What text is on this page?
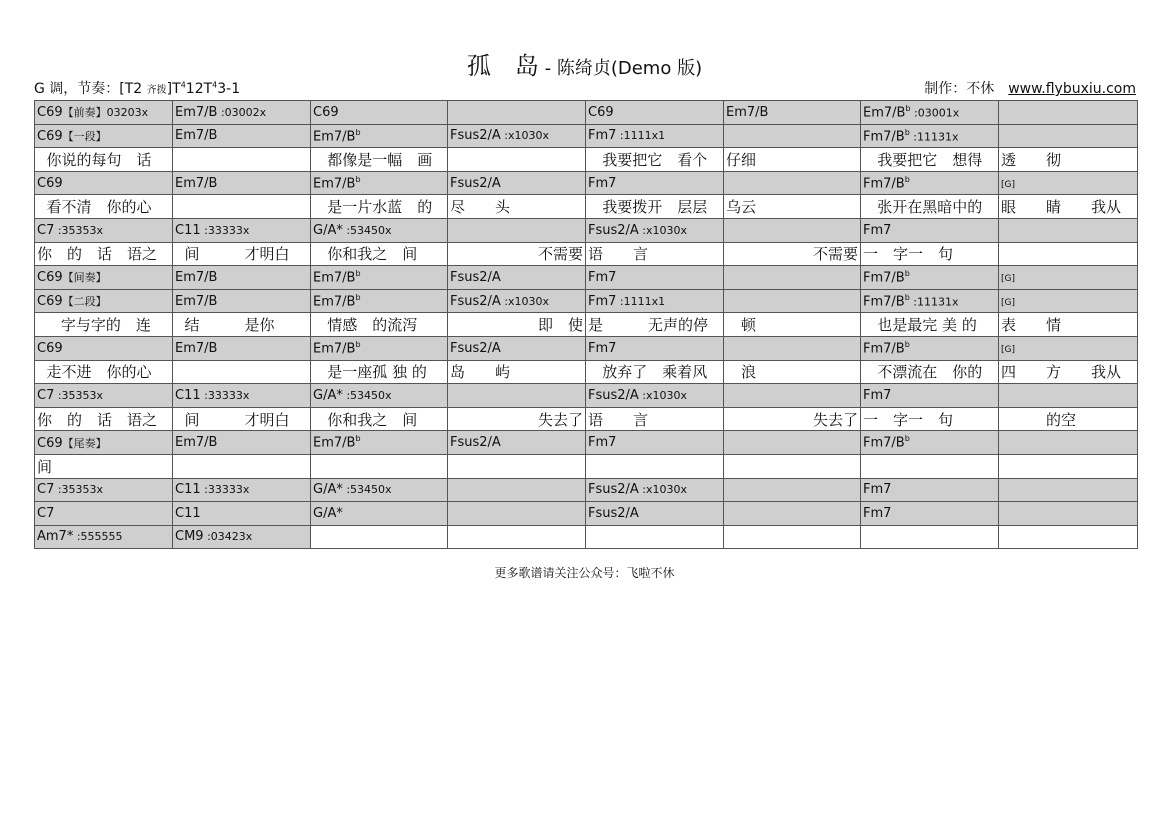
孤　岛 - 陈绮贞(Demo 版)
G 调，节奏：[T2 齐拨]$T^412T^43-1$	制作：不休 www.flybuxiu.com
C69【前奏】03203x	Em7/B :03002x	C69		C69	Em7/B	$Em7/B^b$ :03001x	
C69【一段】	Em7/B	$Em7/B^b$	Fsus2/A :x1030x	Fm7 :1111x1		$Fm7/B^b$ :11131x	
你说的每句　话		都像是一幅　画		我要把它　看个	仔细	我要把它　想得	透　　彻
C69	Em7/B	$Em7/B^b$	Fsus2/A	Fm7		$Fm7/B^b$	[G]
看不清　你的心		是一片水蓝　的	尽　　头	我要拨开　层层	乌云	张开在黑暗中的	眼　　睛　　我从
C7 :35353x	C11 :33333x	G/A* :53450x		Fsus2/A :x1030x		Fm7	
你　的　话　语之	间　　　才明白	你和我之　间	不需要	语　　言	不需要	一　字一　句	
C69【间奏】	Em7/B	$Em7/B^b$	Fsus2/A	Fm7		$Fm7/B^b$	[G]
C69【二段】	Em7/B	$Em7/B^b$	Fsus2/A :x1030x	Fm7 :1111x1		$Fm7/B^b$ :11131x	[G]
字与字的　连	结　　　是你	情感　的流泻	即　使	是　　　无声的停	　顿	也是最完 美 的	表　　情
C69	Em7/B	$Em7/B^b$	Fsus2/A	Fm7		$Fm7/B^b$	[G]
走不进　你的心		是一座孤 独 的	岛　　屿	放弃了　乘着风	　浪	不漂流在　你的	四　　方　　我从
C7 :35353x	C11 :33333x	G/A* :53450x		Fsus2/A :x1030x		Fm7	
你　的　话　语之	间　　　才明白	你和我之　间	失去了	语　　言	失去了	一　字一　句	　　　的空
C69【尾奏】	Em7/B	$Em7/B^b$	Fsus2/A	Fm7		$Fm7/B^b$	
间							
C7 :35353x	C11 :33333x	G/A* :53450x		Fsus2/A :x1030x		Fm7	
C7	C11	G/A*		Fsus2/A		Fm7	
Am7* :555555	CM9 :03423x						
更多歌谱请关注公众号：飞啦不休
